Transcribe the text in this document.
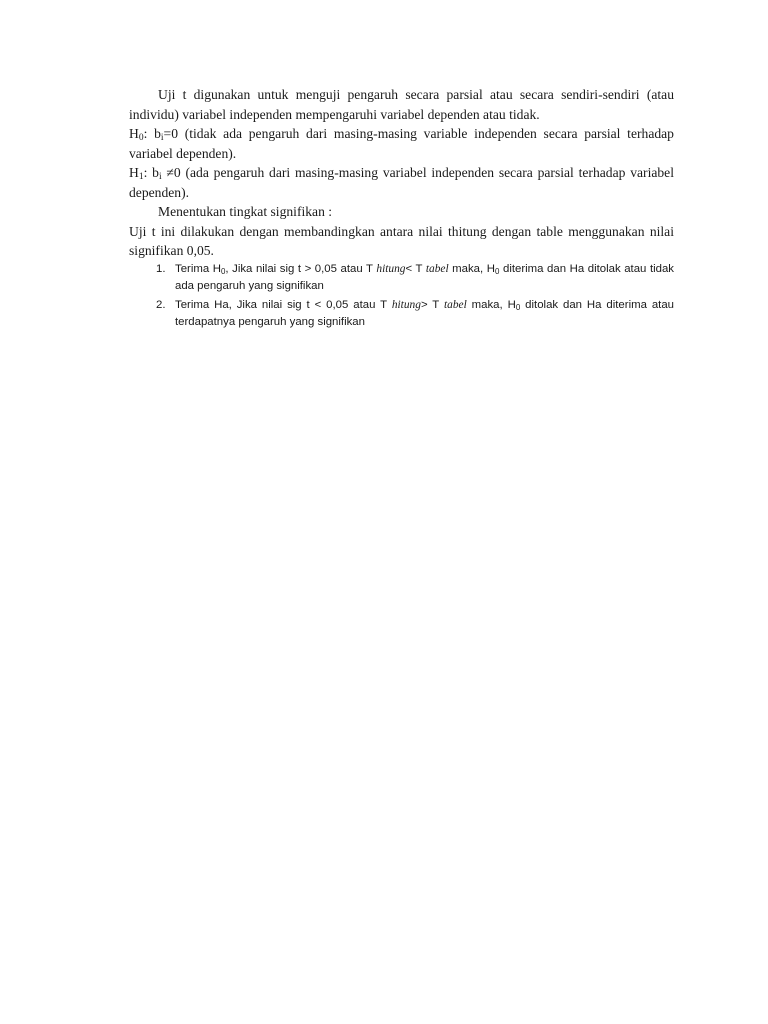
Uji t digunakan untuk menguji pengaruh secara parsial atau secara sendiri-sendiri (atau individu) variabel independen mempengaruhi variabel dependen atau tidak.

$H_0$: $b_i=0$ (tidak ada pengaruh dari masing-masing variable independen secara parsial terhadap variabel dependen).

$H_1$: $b_i \ne 0$ (ada pengaruh dari masing-masing variabel independen secara parsial terhadap variabel dependen).

Menentukan tingkat signifikan :

Uji t ini dilakukan dengan membandingkan antara nilai thitung dengan table menggunakan nilai signifikan 0,05.

1. Terima $H_0$, Jika nilai sig t > 0,05 atau T hitung< T tabel maka, $H_0$ diterima dan Ha ditolak atau tidak ada pengaruh yang signifikan
2. Terima Ha, Jika nilai sig t < 0,05 atau T hitung> T tabel maka, $H_0$ ditolak dan Ha diterima atau terdapatnya pengaruh yang signifikan
